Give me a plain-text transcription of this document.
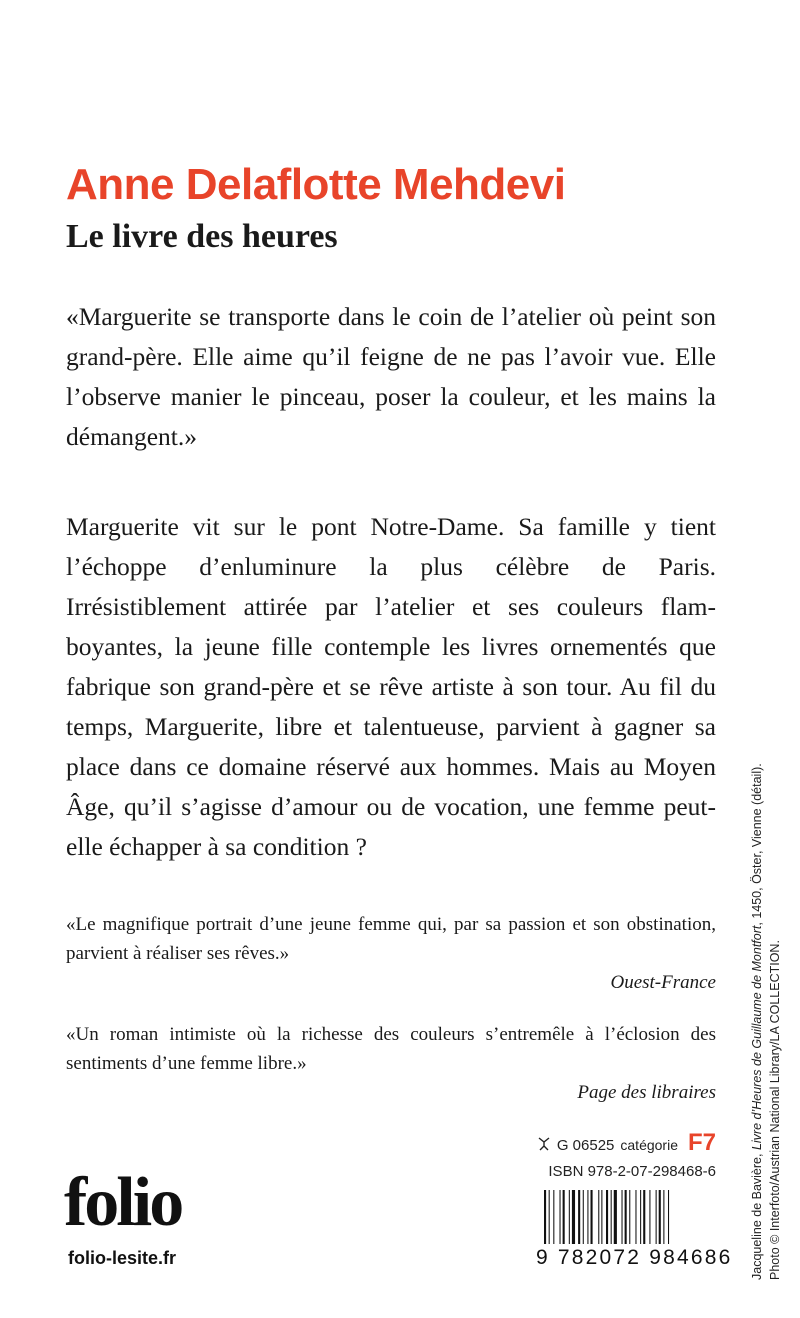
Anne Delaflotte Mehdevi
Le livre des heures

«Marguerite se transporte dans le coin de l’atelier où peint son grand-père. Elle aime qu’il feigne de ne pas l’avoir vue. Elle l’observe manier le pinceau, poser la couleur, et les mains la démangent.»

Marguerite vit sur le pont Notre-Dame. Sa famille y tient l’échoppe d’enluminure la plus célèbre de Paris. Irrésistiblement attirée par l’atelier et ses couleurs flamboyantes, la jeune fille contemple les livres ornementés que fabrique son grand-père et se rêve artiste à son tour. Au fil du temps, Marguerite, libre et talentueuse, parvient à gagner sa place dans ce domaine réservé aux hommes. Mais au Moyen Âge, qu’il s’agisse d’amour ou de vocation, une femme peut-elle échapper à sa condition ?

«Le magnifique portrait d’une jeune femme qui, par sa passion et son obstination, parvient à réaliser ses rêves.»

Ouest-France

«Un roman intimiste où la richesse des couleurs s’entremêle à l’éclosion des sentiments d’une femme libre.»

Page des libraires

G 06525 catégorie F7
ISBN 978-2-07-298468-6
9 782072 984686
folio
folio-lesite.fr	Jacqueline de Bavière, Livre d’Heures de Guillaume de Montfort, 1450, Öster, Vienne (détail).

Photo © Interfoto/Austrian National Library/LA COLLECTION.
